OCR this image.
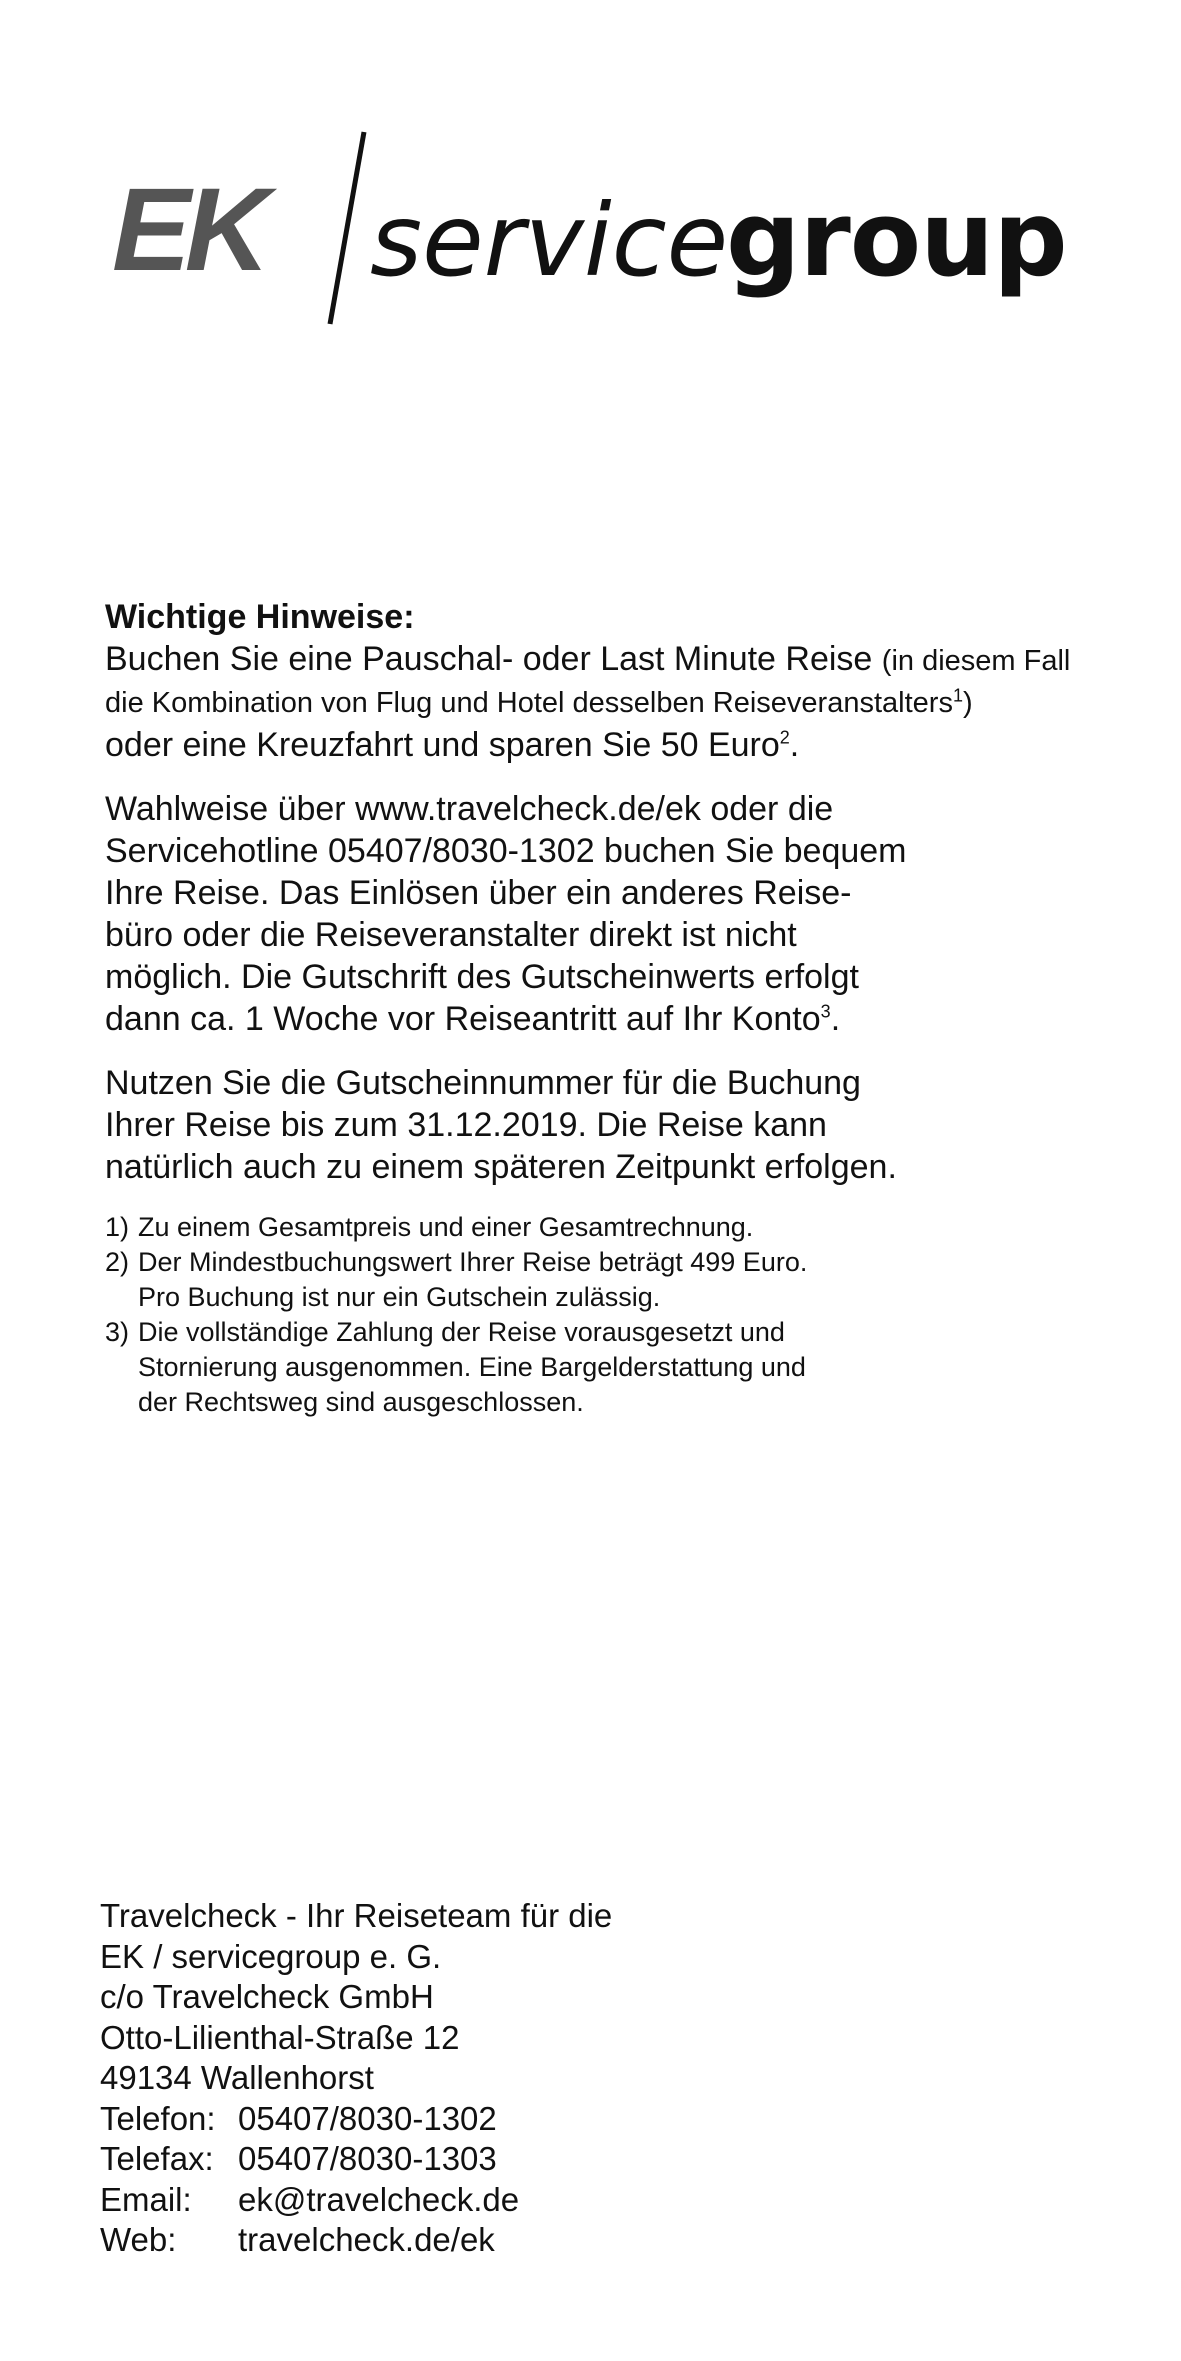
EK service
group

Wichtige Hinweise:

Buchen Sie eine Pauschal- oder Last Minute Reise (in diesem Fall
die Kombination von Flug und Hotel desselben Reiseveranstalters$^1$)
oder eine Kreuzfahrt und sparen Sie 50 Euro$^2$.

Wahlweise über www.travelcheck.de/ek oder die
Servicehotline 05407/8030-1302 buchen Sie bequem
Ihre Reise. Das Einlösen über ein anderes Reise-
büro oder die Reiseveranstalter direkt ist nicht
möglich. Die Gutschrift des Gutscheinwerts erfolgt
dann ca. 1 Woche vor Reiseantritt auf Ihr Konto$^3$.

Nutzen Sie die Gutscheinnummer für die Buchung
Ihrer Reise bis zum 31.12.2019. Die Reise kann
natürlich auch zu einem späteren Zeitpunkt erfolgen.

1) Zu einem Gesamtpreis und einer Gesamtrechnung.
2) Der Mindestbuchungswert Ihrer Reise beträgt 499 Euro.
Pro Buchung ist nur ein Gutschein zulässig.
3) Die vollständige Zahlung der Reise vorausgesetzt und
Stornierung ausgenommen. Eine Bargelderstattung und
der Rechtsweg sind ausgeschlossen.
Travelcheck - Ihr Reiseteam für die
EK / servicegroup e. G.
c/o Travelcheck GmbH
Otto-Lilienthal-Straße 12
49134 Wallenhorst
Telefon: 05407/8030-1302
Telefax: 05407/8030-1303
Email:	ek@travelcheck.de
Web:	travelcheck.de/ek
